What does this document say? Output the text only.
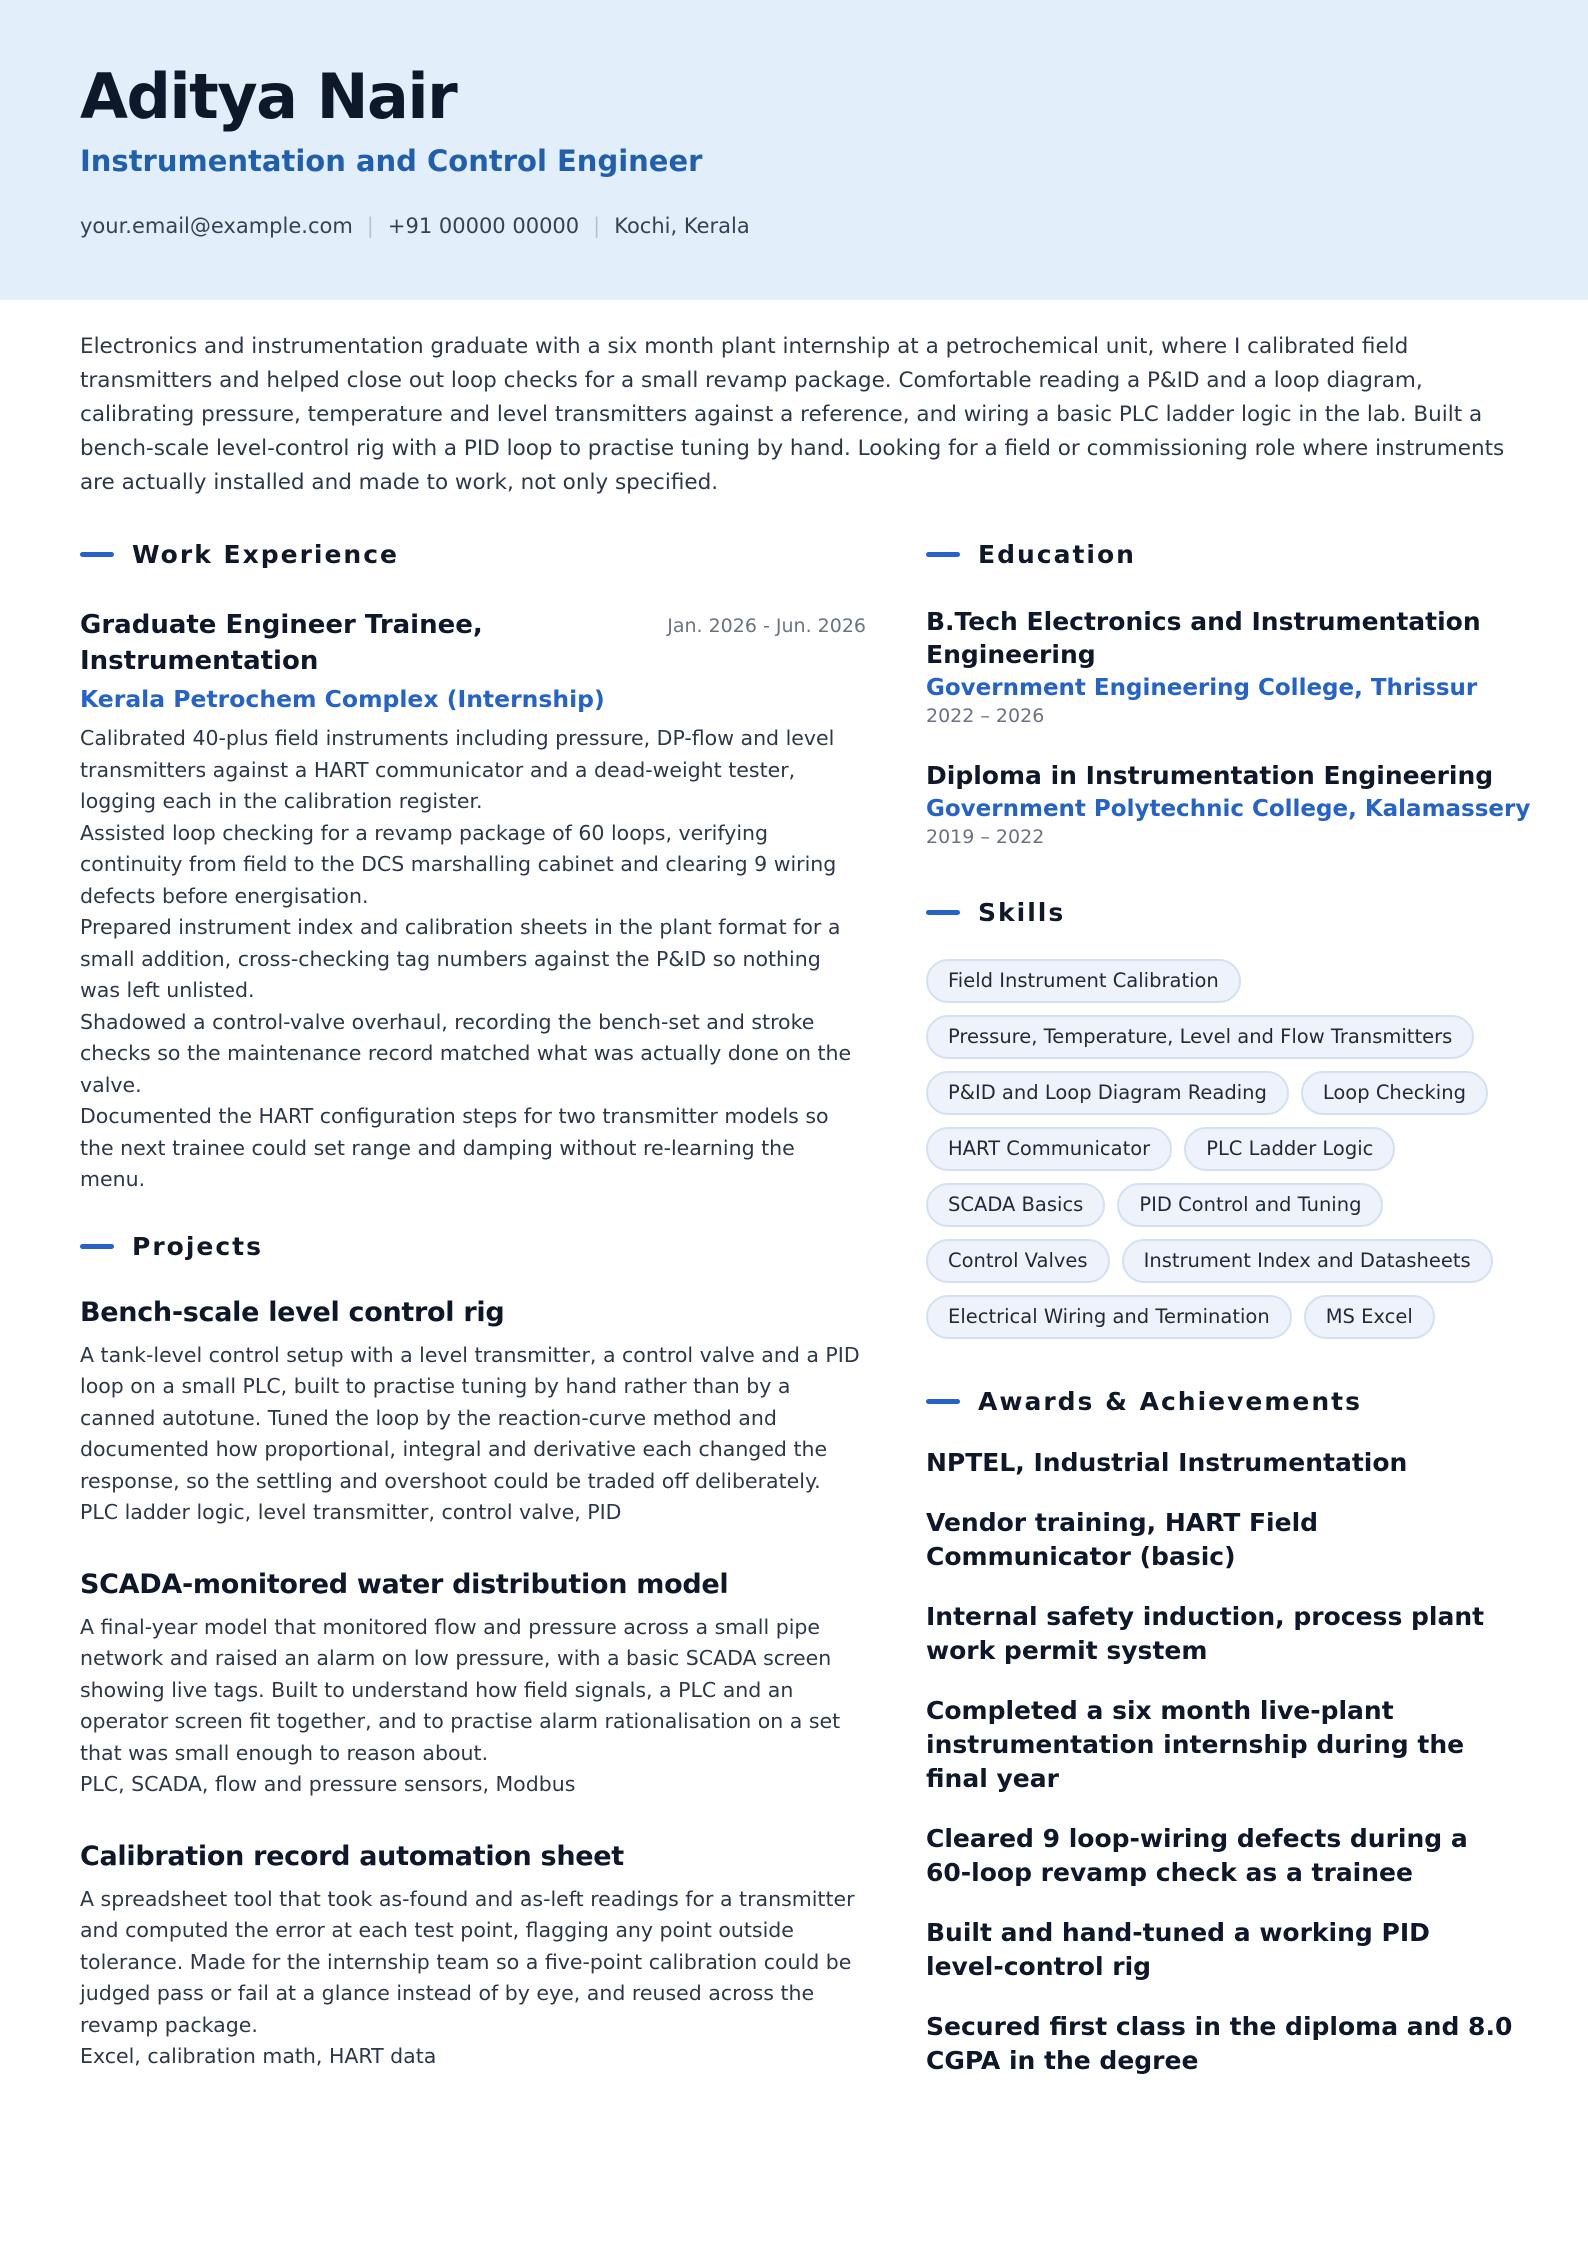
Aditya Nair
Instrumentation and Control Engineer
your.email@example.com | +91 00000 00000 | Kochi, Kerala
Electronics and instrumentation graduate with a six month plant internship at a petrochemical unit, where I calibrated field transmitters and helped close out loop checks for a small revamp package. Comfortable reading a P&ID and a loop diagram, calibrating pressure, temperature and level transmitters against a reference, and wiring a basic PLC ladder logic in the lab. Built a bench-scale level-control rig with a PID loop to practise tuning by hand. Looking for a field or commissioning role where instruments are actually installed and made to work, not only specified.
Work Experience
Graduate Engineer Trainee, Instrumentation
Jan. 2026 - Jun. 2026
Kerala Petrochem Complex (Internship)
Calibrated 40-plus field instruments including pressure, DP-flow and level transmitters against a HART communicator and a dead-weight tester, logging each in the calibration register.
Assisted loop checking for a revamp package of 60 loops, verifying continuity from field to the DCS marshalling cabinet and clearing 9 wiring defects before energisation.
Prepared instrument index and calibration sheets in the plant format for a small addition, cross-checking tag numbers against the P&ID so nothing was left unlisted.
Shadowed a control-valve overhaul, recording the bench-set and stroke checks so the maintenance record matched what was actually done on the valve.
Documented the HART configuration steps for two transmitter models so the next trainee could set range and damping without re-learning the menu.
Projects
Bench-scale level control rig
A tank-level control setup with a level transmitter, a control valve and a PID loop on a small PLC, built to practise tuning by hand rather than by a canned autotune. Tuned the loop by the reaction-curve method and documented how proportional, integral and derivative each changed the response, so the settling and overshoot could be traded off deliberately.
PLC ladder logic, level transmitter, control valve, PID
SCADA-monitored water distribution model
A final-year model that monitored flow and pressure across a small pipe network and raised an alarm on low pressure, with a basic SCADA screen showing live tags. Built to understand how field signals, a PLC and an operator screen fit together, and to practise alarm rationalisation on a set that was small enough to reason about.
PLC, SCADA, flow and pressure sensors, Modbus
Calibration record automation sheet
A spreadsheet tool that took as-found and as-left readings for a transmitter and computed the error at each test point, flagging any point outside tolerance. Made for the internship team so a five-point calibration could be judged pass or fail at a glance instead of by eye, and reused across the revamp package.
Excel, calibration math, HART data
Education
B.Tech Electronics and Instrumentation Engineering
Government Engineering College, Thrissur
2022 – 2026
Diploma in Instrumentation Engineering
Government Polytechnic College, Kalamassery
2019 – 2022
Skills
Field Instrument Calibration
Pressure, Temperature, Level and Flow Transmitters
P&ID and Loop Diagram Reading	Loop Checking
HART Communicator	PLC Ladder Logic
SCADA Basics	PID Control and Tuning
Control Valves	Instrument Index and Datasheets
Electrical Wiring and Termination	MS Excel
Awards & Achievements
NPTEL, Industrial Instrumentation
Vendor training, HART Field Communicator (basic)
Internal safety induction, process plant work permit system
Completed a six month live-plant instrumentation internship during the final year
Cleared 9 loop-wiring defects during a 60-loop revamp check as a trainee
Built and hand-tuned a working PID level-control rig
Secured first class in the diploma and 8.0 CGPA in the degree
